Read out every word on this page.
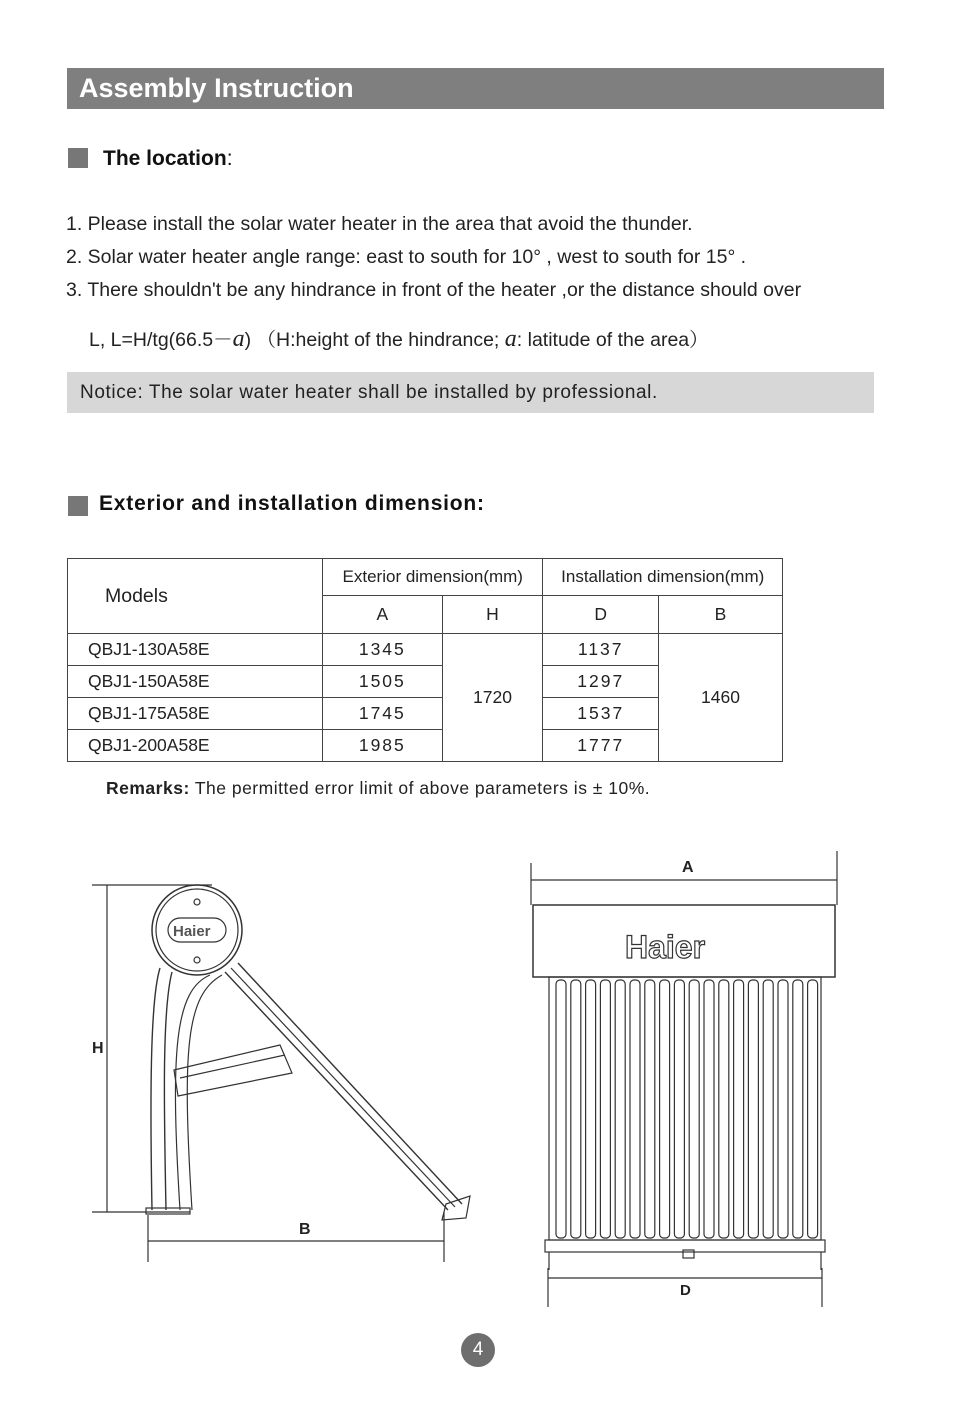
Assembly Instruction
The location:
1. Please install the solar water heater in the area that avoid the thunder.
2. Solar water heater angle range: east to south for 10° , west to south for 15° .
3. There shouldn't be any hindrance in front of the heater ,or the distance should over
L, L=H/tg(66.5－a) （H:height of the hindrance; a: latitude of the area）
Notice: The solar water heater shall be installed by professional.
Exterior and installation dimension:
Models	Exterior dimension(mm)		Installation dimension(mm)	
	A	H	D	B
QBJ1-130A58E	1345	1720	1137	1460
QBJ1-150A58E	1505		1297	
QBJ1-175A58E	1745		1537	
QBJ1-200A58E	1985		1777	
Remarks: The permitted error limit of above parameters is ± 10%.
Haier
H
B
Haier
A
D
4
